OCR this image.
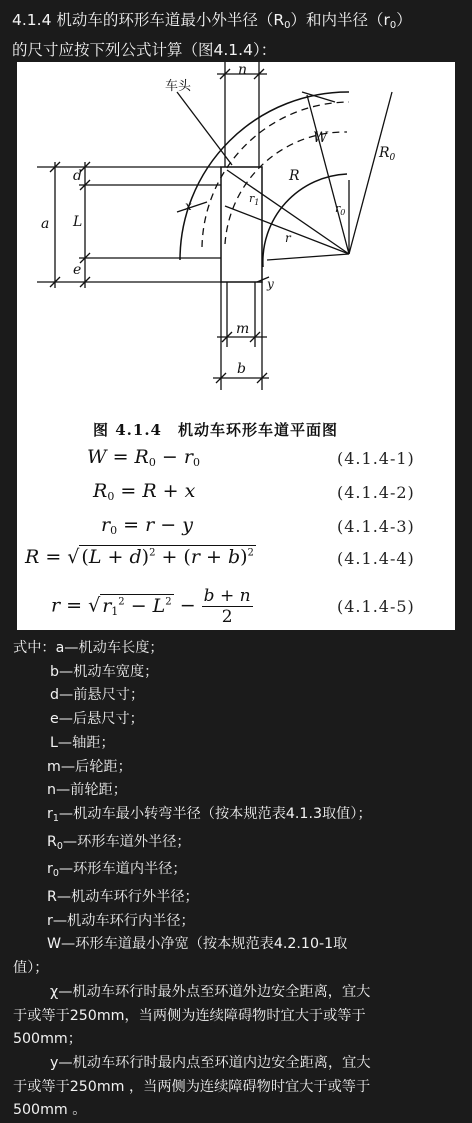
4.1.4 机动车的环形车道最小外半径$(R_0)$和内半径$(r_0)$
的尺寸应按下列公式计算（图4.1.4）：

车头
n
W
$R_0$
$r_0$
R
$r_1$
r
x
d
a L
e
y
m
b
图 4.1.4　机动车环形车道平面图
$W = R_0 - r_0$	(4.1.4-1)
$R_0 = R + x$	(4.1.4-2)
$r_0 = r - y$	(4.1.4-3)
R = √ $(L + d)^2 + (r + b)^2$	(4.1.4-4)
r = √ $r_1^2 - L^2 - \frac{b + n}{2}$	(4.1.4-5)
式中：a—机动车长度；
b—机动车宽度；
d—前悬尺寸；
e—后悬尺寸；
L—轴距；
m—后轮距；
n—前轮距；
$r_1—$机动车最小转弯半径（按本规范表4.1.3取值）；
$R_0—$环形车道外半径；
$r_0—$环形车道内半径；
R—机动车环行外半径；
r—机动车环行内半径；
W—环形车道最小净宽（按本规范表4.2.10-1取
值）；
χ—机动车环行时最外点至环道外边安全距离，宜大
于或等于250mm，当两侧为连续障碍物时宜大于或等于
500mm；
y—机动车环行时最内点至环道内边安全距离，宜大
于或等于250mm ，当两侧为连续障碍物时宜大于或等于
500mm 。
